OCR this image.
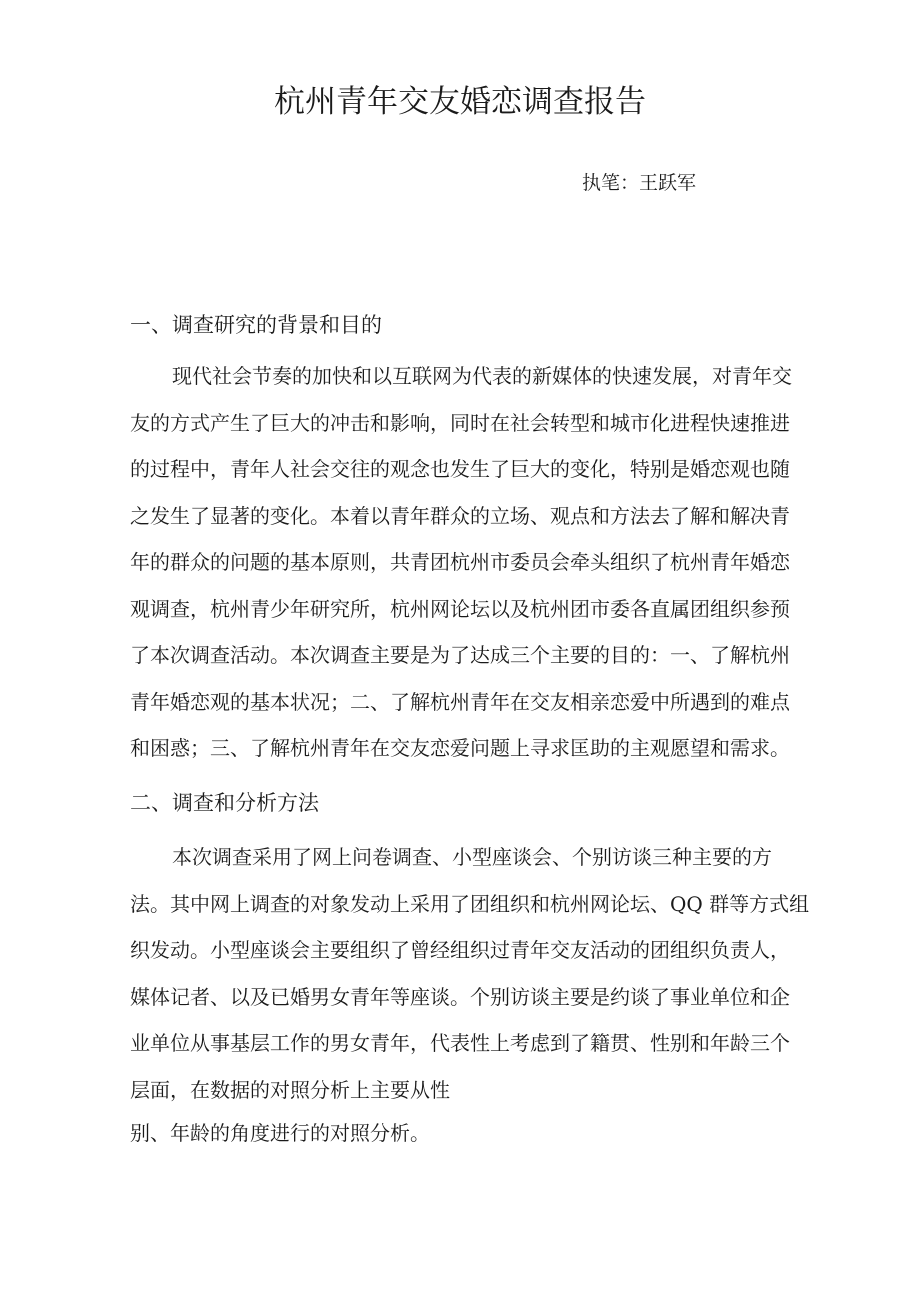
杭州青年交友婚恋调查报告
执笔：王跃军
一、调查研究的背景和目的
现代社会节奏的加快和以互联网为代表的新媒体的快速发展，对青年交
友的方式产生了巨大的冲击和影响，同时在社会转型和城市化进程快速推进
的过程中，青年人社会交往的观念也发生了巨大的变化，特别是婚恋观也随
之发生了显著的变化。本着以青年群众的立场、观点和方法去了解和解决青
年的群众的问题的基本原则，共青团杭州市委员会牵头组织了杭州青年婚恋
观调查，杭州青少年研究所，杭州网论坛以及杭州团市委各直属团组织参预
了本次调查活动。本次调查主要是为了达成三个主要的目的：一、了解杭州
青年婚恋观的基本状况；二、了解杭州青年在交友相亲恋爱中所遇到的难点
和困惑；三、了解杭州青年在交友恋爱问题上寻求匡助的主观愿望和需求。
二、调查和分析方法
本次调查采用了网上问卷调查、小型座谈会、个别访谈三种主要的方
法。其中网上调查的对象发动上采用了团组织和杭州网论坛、QQ 群等方式组
织发动。小型座谈会主要组织了曾经组织过青年交友活动的团组织负责人，
媒体记者、以及已婚男女青年等座谈。个别访谈主要是约谈了事业单位和企
业单位从事基层工作的男女青年，代表性上考虑到了籍贯、性别和年龄三个
层面，在数据的对照分析上主要从性
别、年龄的角度进行的对照分析。
